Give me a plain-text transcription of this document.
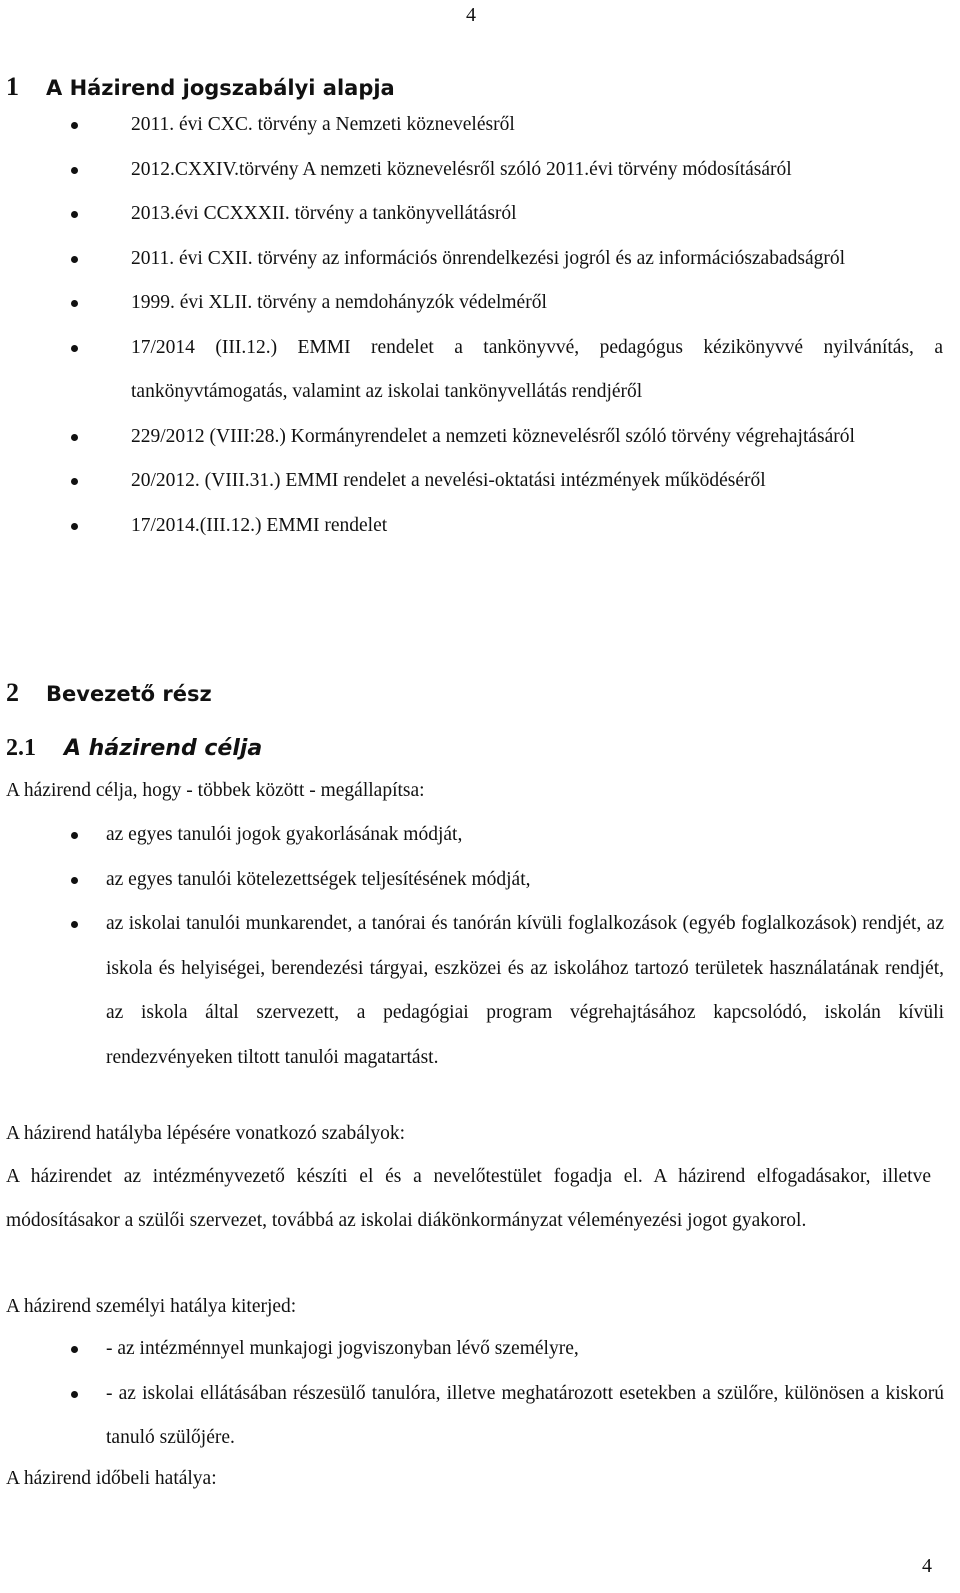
4
1 A Házirend jogszabályi alapja
2011. évi CXC. törvény a Nemzeti köznevelésről
2012.CXXIV.törvény A nemzeti köznevelésről szóló 2011.évi törvény módosításáról
2013.évi CCXXXII. törvény a tankönyvellátásról
2011. évi CXII. törvény az információs önrendelkezési jogról és az információszabadságról
1999. évi XLII. törvény a nemdohányzók védelméről
17/2014 (III.12.) EMMI rendelet a tankönyvvé, pedagógus kézikönyvvé nyilvánítás, a tankönyvtámogatás, valamint az iskolai tankönyvellátás rendjéről
229/2012 (VIII:28.) Kormányrendelet a nemzeti köznevelésről szóló törvény végrehajtásáról
20/2012. (VIII.31.) EMMI rendelet a nevelési-oktatási intézmények működéséről
17/2014.(III.12.) EMMI rendelet
2 Bevezető rész
2.1 A házirend célja

A házirend célja, hogy - többek között - megállapítsa:

az egyes tanulói jogok gyakorlásának módját,
az egyes tanulói kötelezettségek teljesítésének módját,
az iskolai tanulói munkarendet, a tanórai és tanórán kívüli foglalkozások (egyéb foglalkozások) rendjét, az iskola és helyiségei, berendezési tárgyai, eszközei és az iskolához tartozó területek használatának rendjét, az iskola által szervezett, a pedagógiai program végrehajtásához kapcsolódó, iskolán kívüli rendezvényeken tiltott tanulói magatartást.

A házirend hatályba lépésére vonatkozó szabályok:

A házirendet az intézményvezető készíti el és a nevelőtestület fogadja el. A házirend elfogadásakor, illetve módosításakor a szülői szervezet, továbbá az iskolai diákönkormányzat véleményezési jogot gyakorol.

A házirend személyi hatálya kiterjed:

- az intézménnyel munkajogi jogviszonyban lévő személyre,
- az iskolai ellátásában részesülő tanulóra, illetve meghatározott esetekben a szülőre, különösen a kiskorú tanuló szülőjére.

A házirend időbeli hatálya:

4
